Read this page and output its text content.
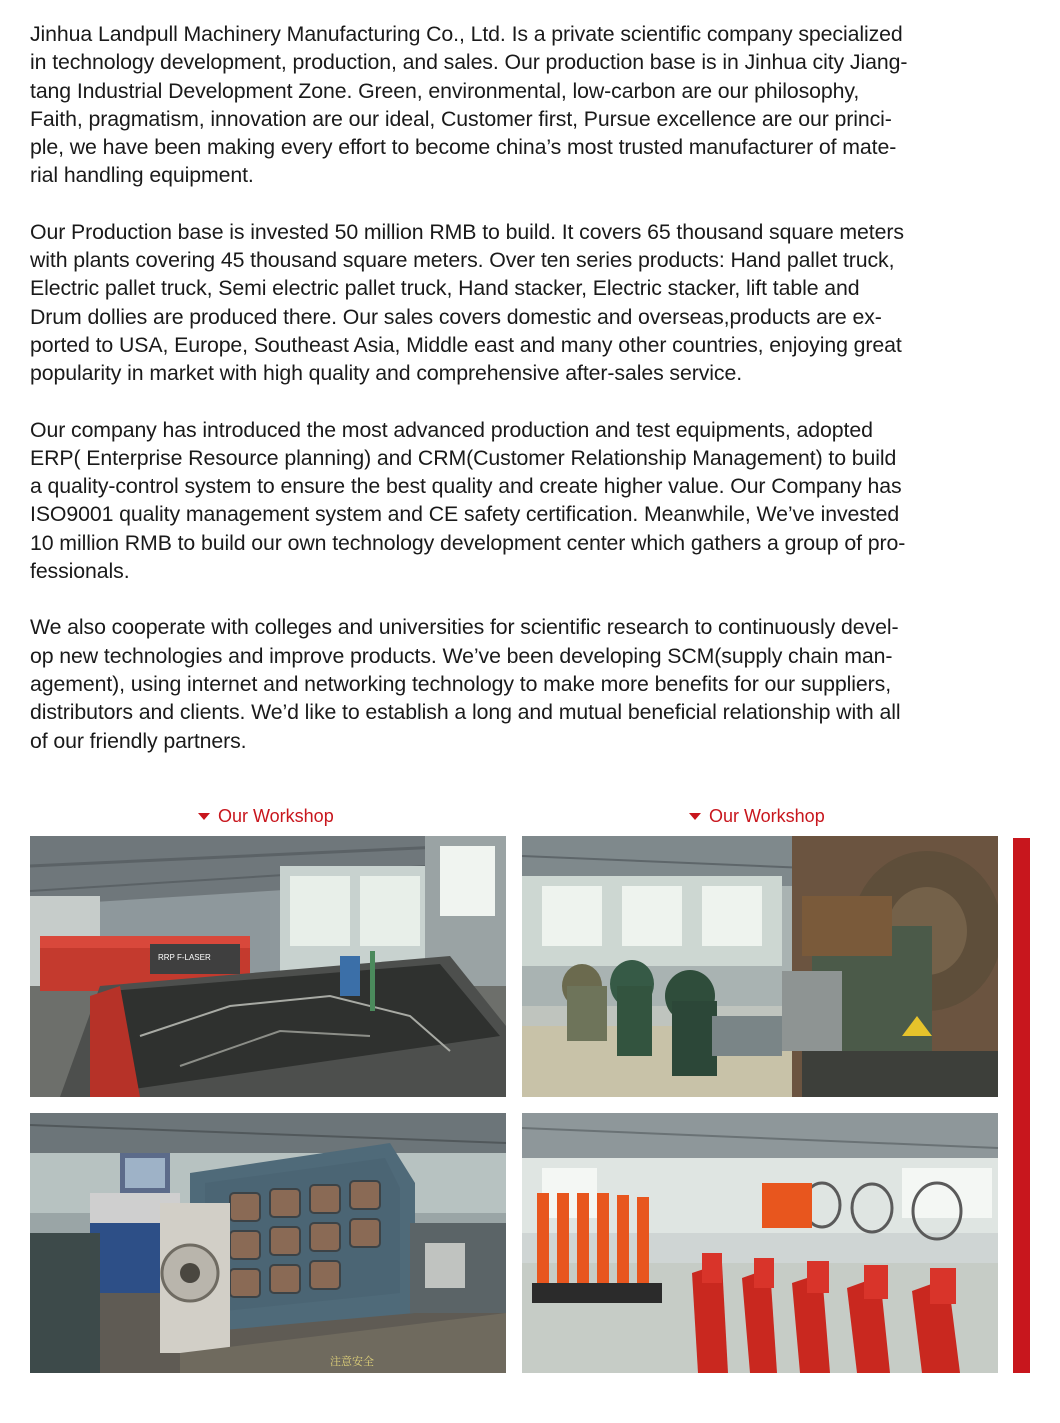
Jinhua Landpull Machinery Manufacturing Co., Ltd. Is a private scientific company specialized
in technology development, production, and sales. Our production base is in Jinhua city Jiang-
tang Industrial Development Zone. Green, environmental, low-carbon are our philosophy,
Faith, pragmatism, innovation are our ideal, Customer first, Pursue excellence are our princi-
ple, we have been making every effort to become china’s most trusted manufacturer of mate-
rial handling equipment.

Our Production base is invested 50 million RMB to build. It covers 65 thousand square meters
with plants covering 45 thousand square meters. Over ten series products: Hand pallet truck,
Electric pallet truck, Semi electric pallet truck, Hand stacker, Electric stacker, lift table and
Drum dollies are produced there. Our sales covers domestic and overseas,products are ex-
ported to USA, Europe, Southeast Asia, Middle east and many other countries, enjoying great
popularity in market with high quality and comprehensive after-sales service.

Our company has introduced the most advanced production and test equipments, adopted
ERP( Enterprise Resource planning) and CRM(Customer Relationship Management) to build
a quality-control system to ensure the best quality and create higher value. Our Company has
ISO9001 quality management system and CE safety certification. Meanwhile, We’ve invested
10 million RMB to build our own technology development center which gathers a group of pro-
fessionals.

We also cooperate with colleges and universities for scientific research to continuously devel-
op new technologies and improve products. We’ve been developing SCM(supply chain man-
agement), using internet and networking technology to make more benefits for our suppliers,
distributors and clients. We’d like to establish a long and mutual beneficial relationship with all
of our friendly partners.

Our Workshop	Our Workshop
RRP F-LASER
注意安全
